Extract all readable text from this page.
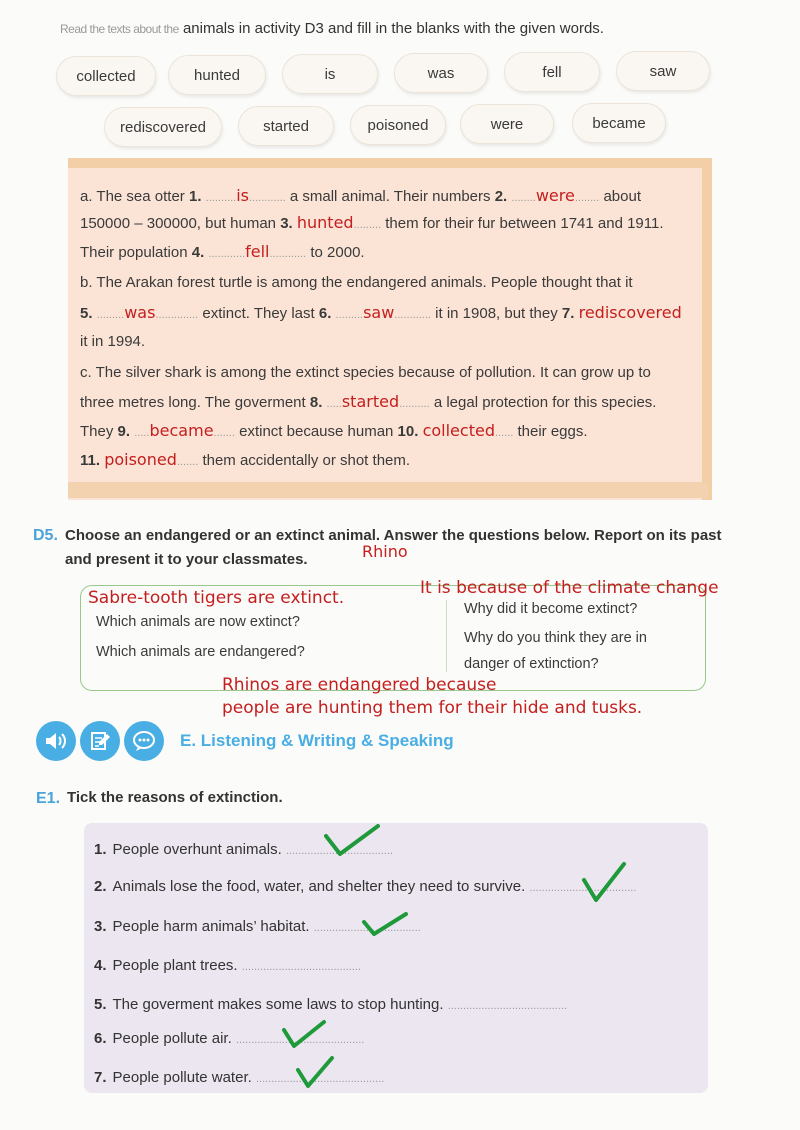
Read the texts about the animals in activity D3 and fill in the blanks with the given words.
collected	hunted	is	was	fell	saw
rediscovered	started	poisoned	were	became
a. The sea otter 1. ..........is............ a small animal. Their numbers 2. ........were........ about
150000 – 300000, but human 3. hunted......... them for their fur between 1741 and 1911.
Their population 4. ............fell............ to 2000.
b. The Arakan forest turtle is among the endangered animals. People thought that it
5. .........was.............. extinct. They last 6. .........saw............ it in 1908, but they 7. rediscovered
it in 1994.
c. The silver shark is among the extinct species because of pollution. It can grow up to
three metres long. The goverment 8. .....started.......... a legal protection for this species.
They 9. .....became....... extinct because human 10. collected...... their eggs.
11. poisoned....... them accidentally or shot them.
D5. Choose an endangered or an extinct animal. Answer the questions below. Report on its past and present it to your classmates.	Rhino
Sabre-tooth tigers are extinct.
Which animals are now extinct?
Which animals are endangered?
It is because of the climate change
Why did it become extinct?
Why do you think they are in
danger of extinction?
Rhinos are endangered because
people are hunting them for their hide and tusks.
E. Listening & Writing & Speaking
E1. Tick the reasons of extinction.
1. People overhunt animals. ...................................
2. Animals lose the food, water, and shelter they need to survive. ...................................
3. People harm animals’ habitat. ...................................
4. People plant trees. .......................................
5. The goverment makes some laws to stop hunting. .......................................
6. People pollute air. ..........................................
7. People pollute water. ..........................................
